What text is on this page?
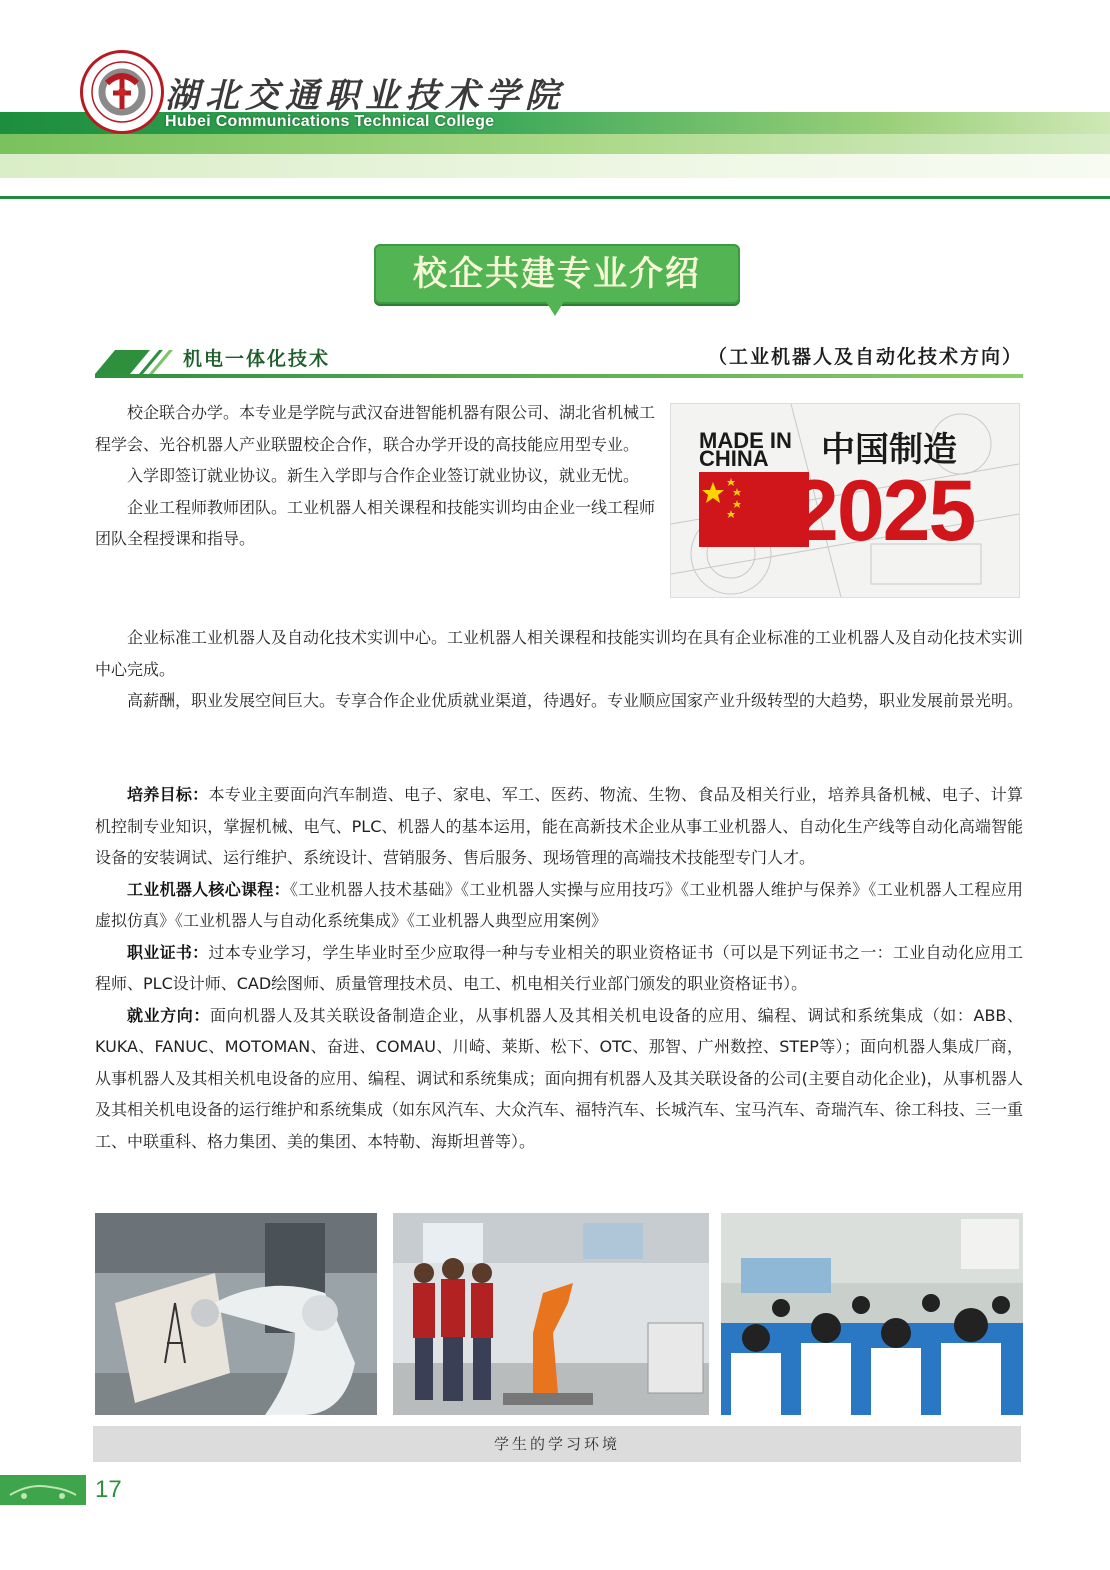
湖北交通职业技术学院
Hubei Communications Technical College
校企共建专业介绍
机电一体化技术	（工业机器人及自动化技术方向）

校企联合办学。本专业是学院与武汉奋进智能机器有限公司、湖北省机械工程学会、光谷机器人产业联盟校企合作，联合办学开设的高技能应用型专业。

入学即签订就业协议。新生入学即与合作企业签订就业协议，就业无忧。

企业工程师教师团队。工业机器人相关课程和技能实训均由企业一线工程师团队全程授课和指导。

MADE IN
CHINA 中国制造
2025

企业标准工业机器人及自动化技术实训中心。工业机器人相关课程和技能实训均在具有企业标准的工业机器人及自动化技术实训中心完成。

高薪酬，职业发展空间巨大。专享合作企业优质就业渠道，待遇好。专业顺应国家产业升级转型的大趋势，职业发展前景光明。

培养目标：本专业主要面向汽车制造、电子、家电、军工、医药、物流、生物、食品及相关行业，培养具备机械、电子、计算机控制专业知识，掌握机械、电气、PLC、机器人的基本运用，能在高新技术企业从事工业机器人、自动化生产线等自动化高端智能设备的安装调试、运行维护、系统设计、营销服务、售后服务、现场管理的高端技术技能型专门人才。

工业机器人核心课程：《工业机器人技术基础》《工业机器人实操与应用技巧》《工业机器人维护与保养》《工业机器人工程应用虚拟仿真》《工业机器人与自动化系统集成》《工业机器人典型应用案例》

职业证书：过本专业学习，学生毕业时至少应取得一种与专业相关的职业资格证书（可以是下列证书之一：工业自动化应用工程师、PLC设计师、CAD绘图师、质量管理技术员、电工、机电相关行业部门颁发的职业资格证书）。

就业方向：面向机器人及其关联设备制造企业，从事机器人及其相关机电设备的应用、编程、调试和系统集成（如：ABB、KUKA、FANUC、MOTOMAN、奋进、COMAU、川崎、莱斯、松下、OTC、那智、广州数控、STEP等）；面向机器人集成厂商，从事机器人及其相关机电设备的应用、编程、调试和系统集成；面向拥有机器人及其关联设备的公司(主要自动化企业)，从事机器人及其相关机电设备的运行维护和系统集成（如东风汽车、大众汽车、福特汽车、长城汽车、宝马汽车、奇瑞汽车、徐工科技、三一重工、中联重科、格力集团、美的集团、本特勒、海斯坦普等）。

学生的学习环境
17
